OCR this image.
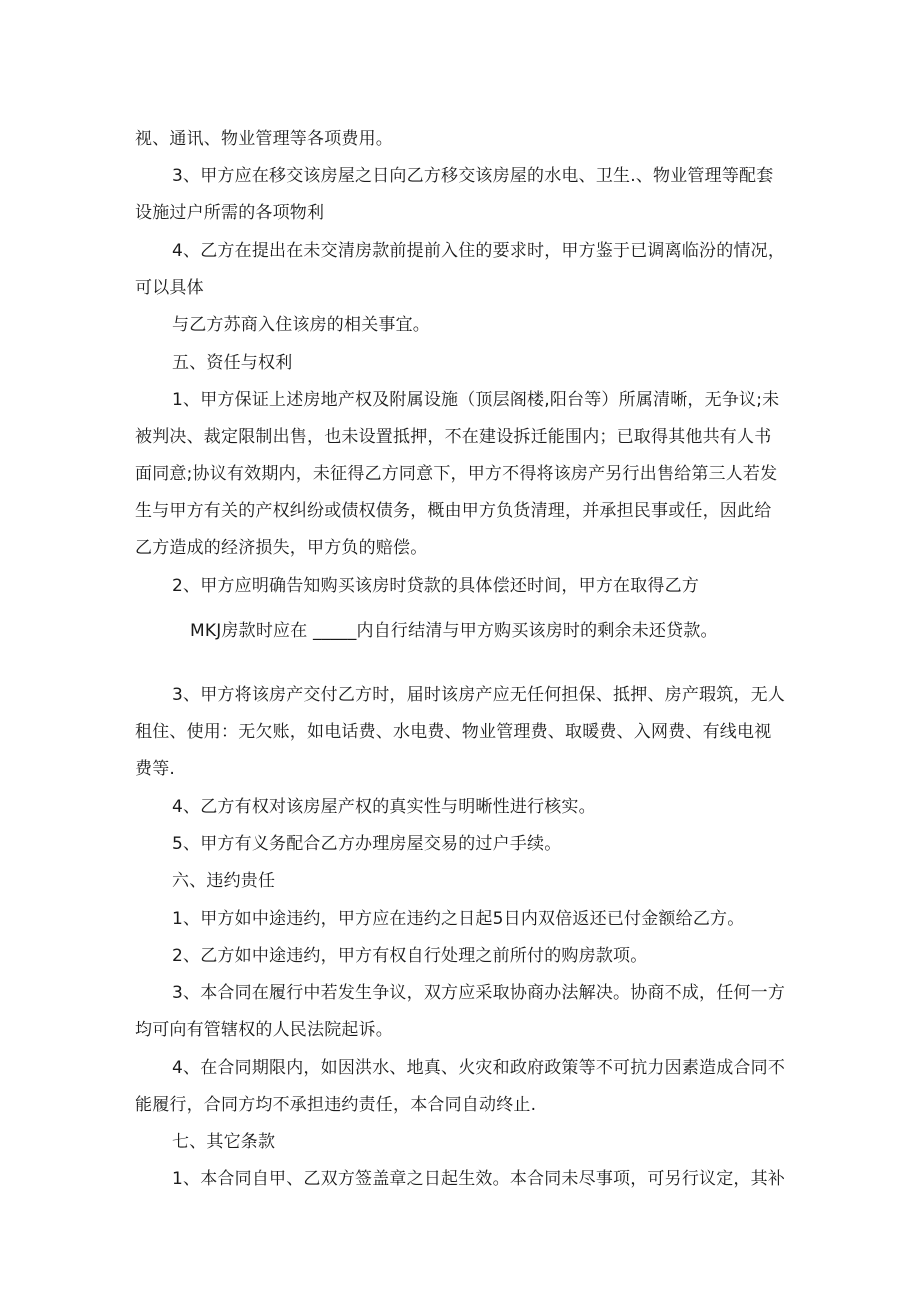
视、通讯、物业管理等各项费用。
3、甲方应在移交该房屋之日向乙方移交该房屋的水电、卫生.、物业管理等配套
设施过户所需的各项物利
4、乙方在提出在未交清房款前提前入住的要求时，甲方鉴于已调离临汾的情况，
可以具体
与乙方苏商入住该房的相关事宜。
五、资任与权利
1、甲方保证上述房地产权及附属设施（顶层阁楼,阳台等）所属清晰，无争议;未
被判决、裁定限制出售，也未设置抵押，不在建设拆迁能围内；已取得其他共有人书
面同意;协议有效期内，未征得乙方同意下，甲方不得将该房产另行出售给第三人若发
生与甲方有关的产权纠纷或债权债务，概由甲方负货清理，并承担民事或任，因此给
乙方造成的经济损失，甲方负的赔偿。
2、甲方应明确告知购买该房时贷款的具体偿还时间，甲方在取得乙方
MKJ房款时应在 _____内自行结清与甲方购买该房时的剩余未还贷款。
3、甲方将该房产交付乙方时，届时该房产应无任何担保、抵押、房产瑕筑，无人
租住、使用：无欠账，如电话费、水电费、物业管理费、取暖费、入网费、有线电视
费等.
4、乙方有权对该房屋产权的真实性与明晰性进行核实。
5、甲方有义务配合乙方办理房屋交易的过户手续。
六、违约贵任
1、甲方如中途违约，甲方应在违约之日起5日内双倍返还已付金额给乙方。
2、乙方如中途违约，甲方有权自行处理之前所付的购房款项。
3、本合同在履行中若发生争议，双方应采取协商办法解决。协商不成，任何一方
均可向有管辖权的人民法院起诉。
4、在合同期限内，如因洪水、地真、火灾和政府政策等不可抗力因素造成合同不
能履行，合同方均不承担违约责任，本合同自动终止.
七、其它条款
1、本合同自甲、乙双方签盖章之日起生效。本合同未尽事项，可另行议定，其补
